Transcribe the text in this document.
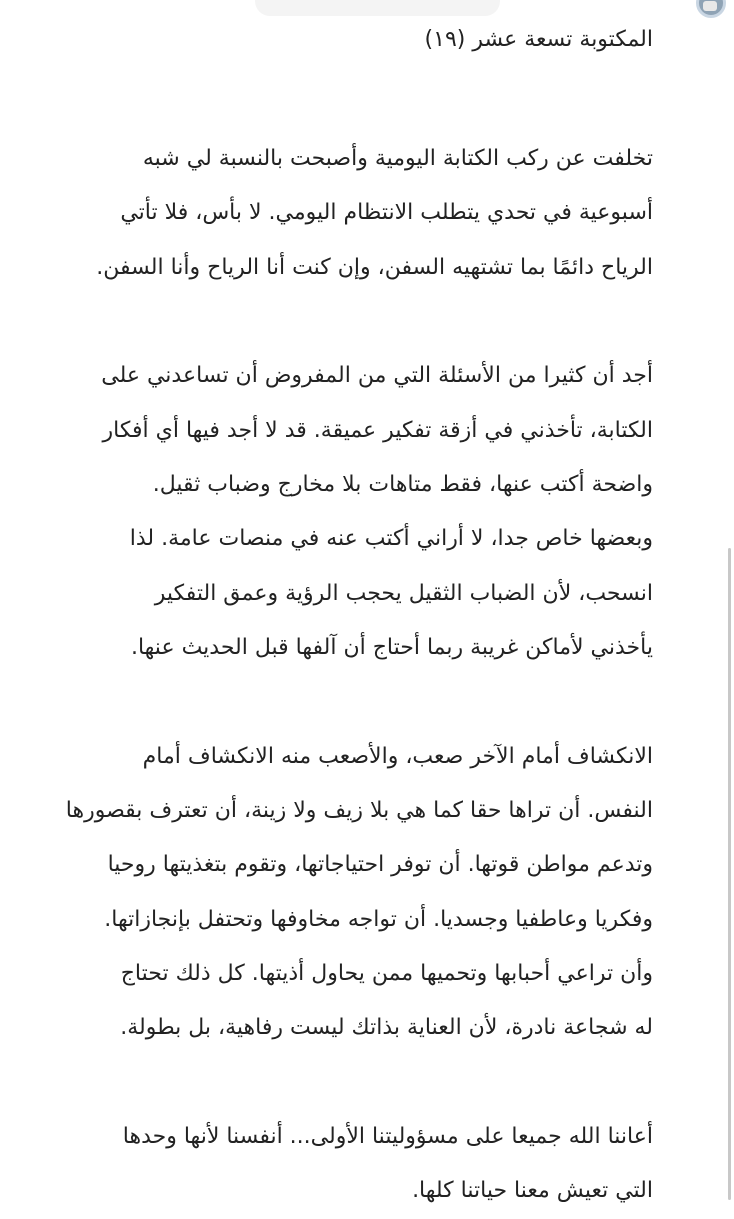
المكتوبة تسعة عشر (١٩)
تخلفت عن ركب الكتابة اليومية وأصبحت بالنسبة لي شبه
أسبوعية في تحدي يتطلب الانتظام اليومي. لا بأس، فلا تأتي
الرياح دائمًا بما تشتهيه السفن، وإن كنت أنا الرياح وأنا السفن.
أجد أن كثيرا من الأسئلة التي من المفروض أن تساعدني على
الكتابة، تأخذني في أزقة تفكير عميقة. قد لا أجد فيها أي أفكار
واضحة أكتب عنها، فقط متاهات بلا مخارج وضباب ثقيل.
وبعضها خاص جدا، لا أراني أكتب عنه في منصات عامة. لذا
انسحب، لأن الضباب الثقيل يحجب الرؤية وعمق التفكير
يأخذني لأماكن غريبة ربما أحتاج أن آلفها قبل الحديث عنها.
الانكشاف أمام الآخر صعب، والأصعب منه الانكشاف أمام
النفس. أن تراها حقا كما هي بلا زيف ولا زينة، أن تعترف بقصورها
وتدعم مواطن قوتها. أن توفر احتياجاتها، وتقوم بتغذيتها روحيا
وفكريا وعاطفيا وجسديا. أن تواجه مخاوفها وتحتفل بإنجازاتها.
وأن تراعي أحبابها وتحميها ممن يحاول أذيتها. كل ذلك تحتاج
له شجاعة نادرة، لأن العناية بذاتك ليست رفاهية، بل بطولة.
أعاننا الله جميعا على مسؤوليتنا الأولى... أنفسنا لأنها وحدها
التي تعيش معنا حياتنا كلها.
